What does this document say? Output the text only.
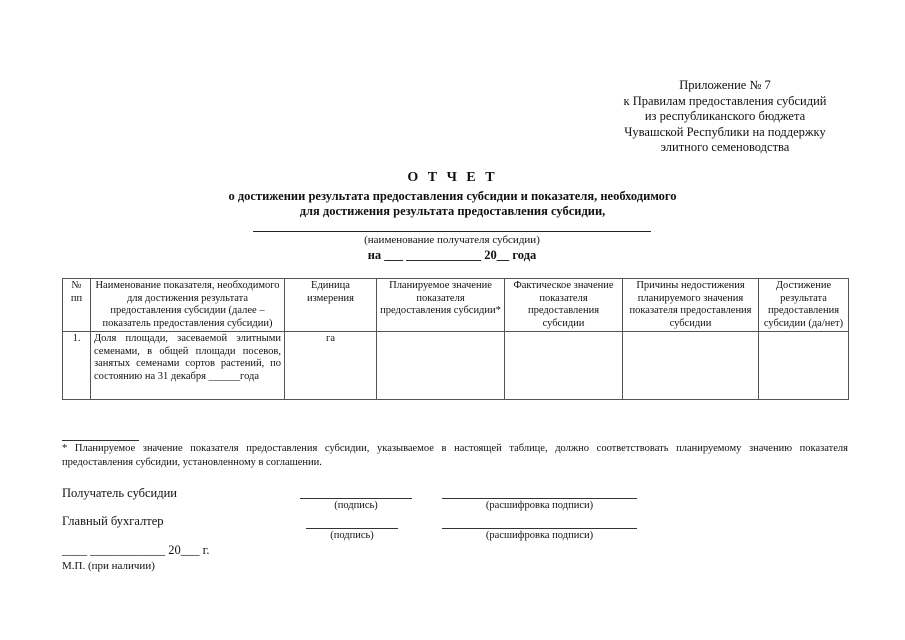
Приложение № 7
к Правилам предоставления субсидий
из республиканского бюджета
Чувашской Республики на поддержку
элитного семеноводства
О Т Ч Е Т
о достижении результата предоставления субсидии и показателя, необходимого
для достижения результата предоставления субсидии,
(наименование получателя субсидии)
на ___ ____________ 20__ года
№ пп	Наименование показателя, необходимого для достижения результата предоставления субсидии (далее – показатель предоставления субсидии)	Единица измерения	Планируемое значение показателя предоставления субсидии*	Фактическое значение показателя предоставления субсидии	Причины недостижения планируемого значения показателя предоставления субсидии	Достижение результата предоставления субсидии (да/нет)
1.	Доля площади, засеваемой элитными семенами, в общей площади посевов, занятых семенами сортов растений, по состоянию на 31 декабря ______года	га				
* Планируемое значение показателя предоставления субсидии, указываемое в настоящей таблице, должно соответствовать планируемому значению показателя предоставления субсидии, установленному в соглашении.
Получатель субсидии
(подпись)	(расшифровка подписи)
Главный бухгалтер
(подпись)	(расшифровка подписи)
____ ____________ 20___ г.
М.П. (при наличии)
